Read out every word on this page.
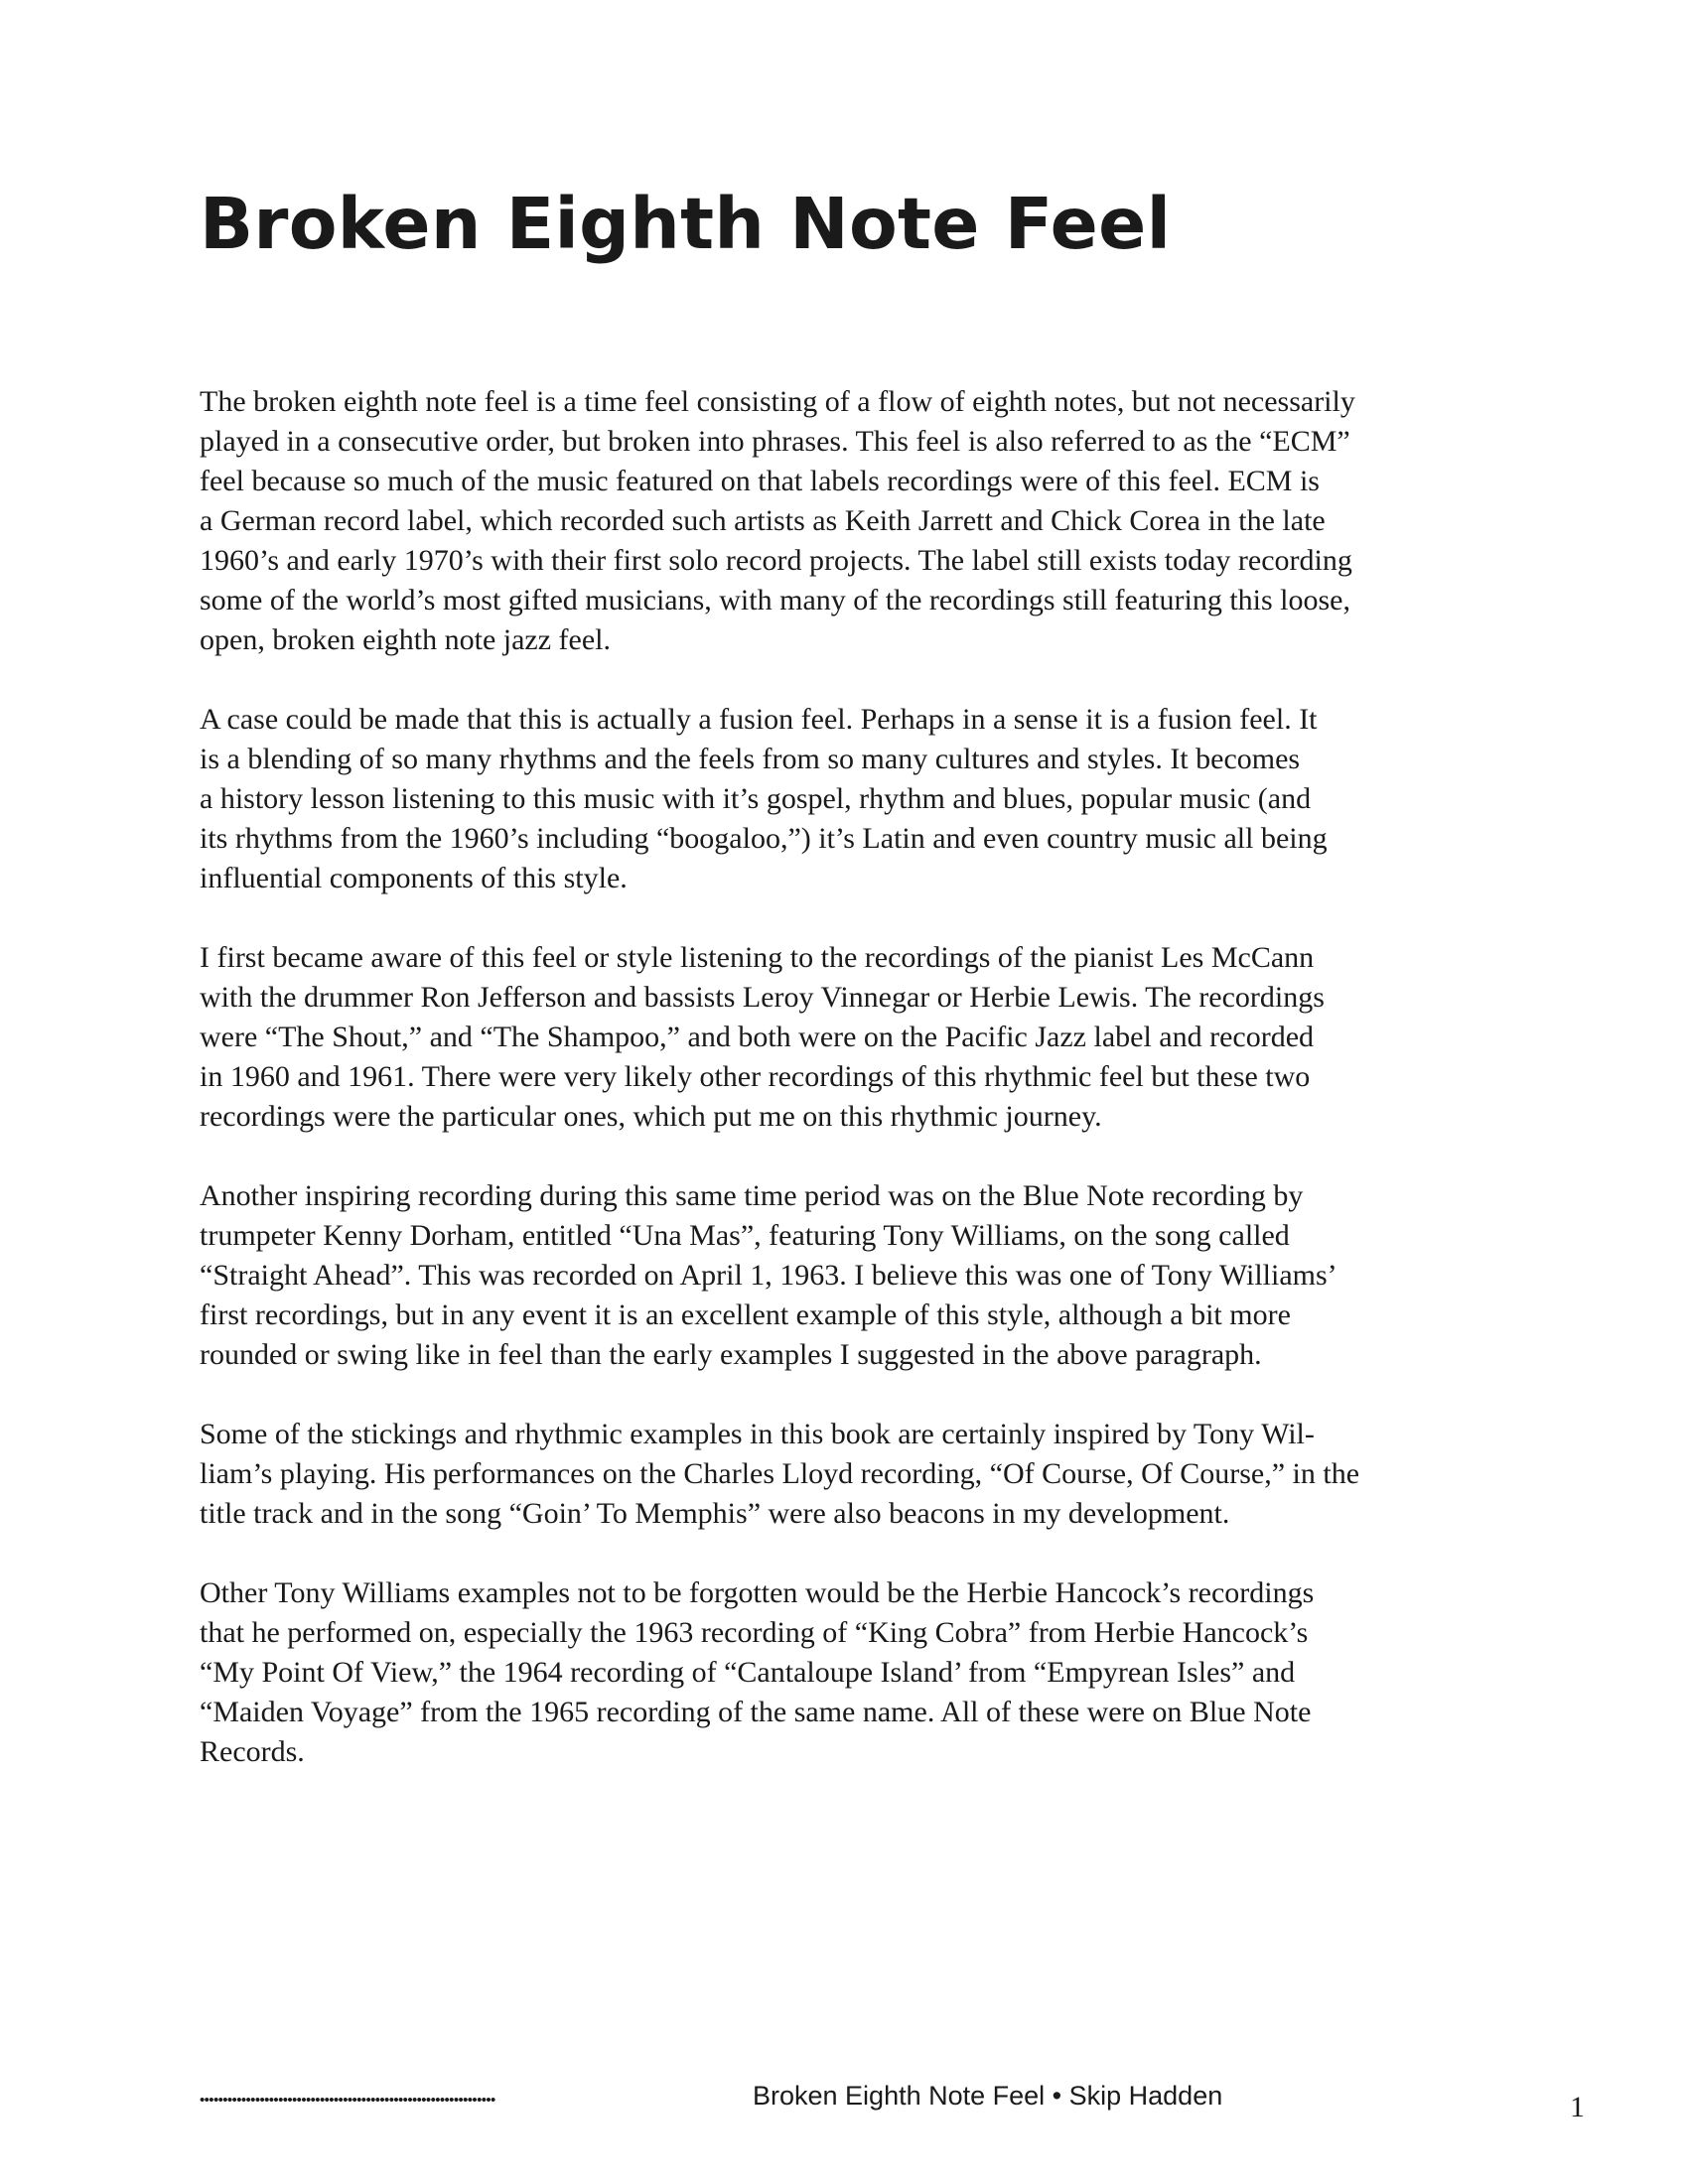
Broken Eighth Note Feel

The broken eighth note feel is a time feel consisting of a flow of eighth notes, but not necessarily
played in a consecutive order, but broken into phrases. This feel is also referred to as the “ECM”
feel because so much of the music featured on that labels recordings were of this feel. ECM is
a German record label, which recorded such artists as Keith Jarrett and Chick Corea in the late
1960’s and early 1970’s with their first solo record projects. The label still exists today recording
some of the world’s most gifted musicians, with many of the recordings still featuring this loose,
open, broken eighth note jazz feel.

A case could be made that this is actually a fusion feel. Perhaps in a sense it is a fusion feel. It
is a blending of so many rhythms and the feels from so many cultures and styles. It becomes
a history lesson listening to this music with it’s gospel, rhythm and blues, popular music (and
its rhythms from the 1960’s including “boogaloo,”) it’s Latin and even country music all being
influential components of this style.

I first became aware of this feel or style listening to the recordings of the pianist Les McCann
with the drummer Ron Jefferson and bassists Leroy Vinnegar or Herbie Lewis. The recordings
were “The Shout,” and “The Shampoo,” and both were on the Pacific Jazz label and recorded
in 1960 and 1961. There were very likely other recordings of this rhythmic feel but these two
recordings were the particular ones, which put me on this rhythmic journey.

Another inspiring recording during this same time period was on the Blue Note recording by
trumpeter Kenny Dorham, entitled “Una Mas”, featuring Tony Williams, on the song called
“Straight Ahead”. This was recorded on April 1, 1963. I believe this was one of Tony Williams’
first recordings, but in any event it is an excellent example of this style, although a bit more
rounded or swing like in feel than the early examples I suggested in the above paragraph.

Some of the stickings and rhythmic examples in this book are certainly inspired by Tony Wil-
liam’s playing. His performances on the Charles Lloyd recording, “Of Course, Of Course,” in the
title track and in the song “Goin’ To Memphis” were also beacons in my development.

Other Tony Williams examples not to be forgotten would be the Herbie Hancock’s recordings
that he performed on, especially the 1963 recording of “King Cobra” from Herbie Hancock’s
“My Point Of View,” the 1964 recording of “Cantaloupe Island’ from “Empyrean Isles” and
“Maiden Voyage” from the 1965 recording of the same name. All of these were on Blue Note
Records.

••••••••••••••••••••••••••••••••••••••••••••••••••••••••••••••••	Broken Eighth Note Feel • Skip Hadden	1
